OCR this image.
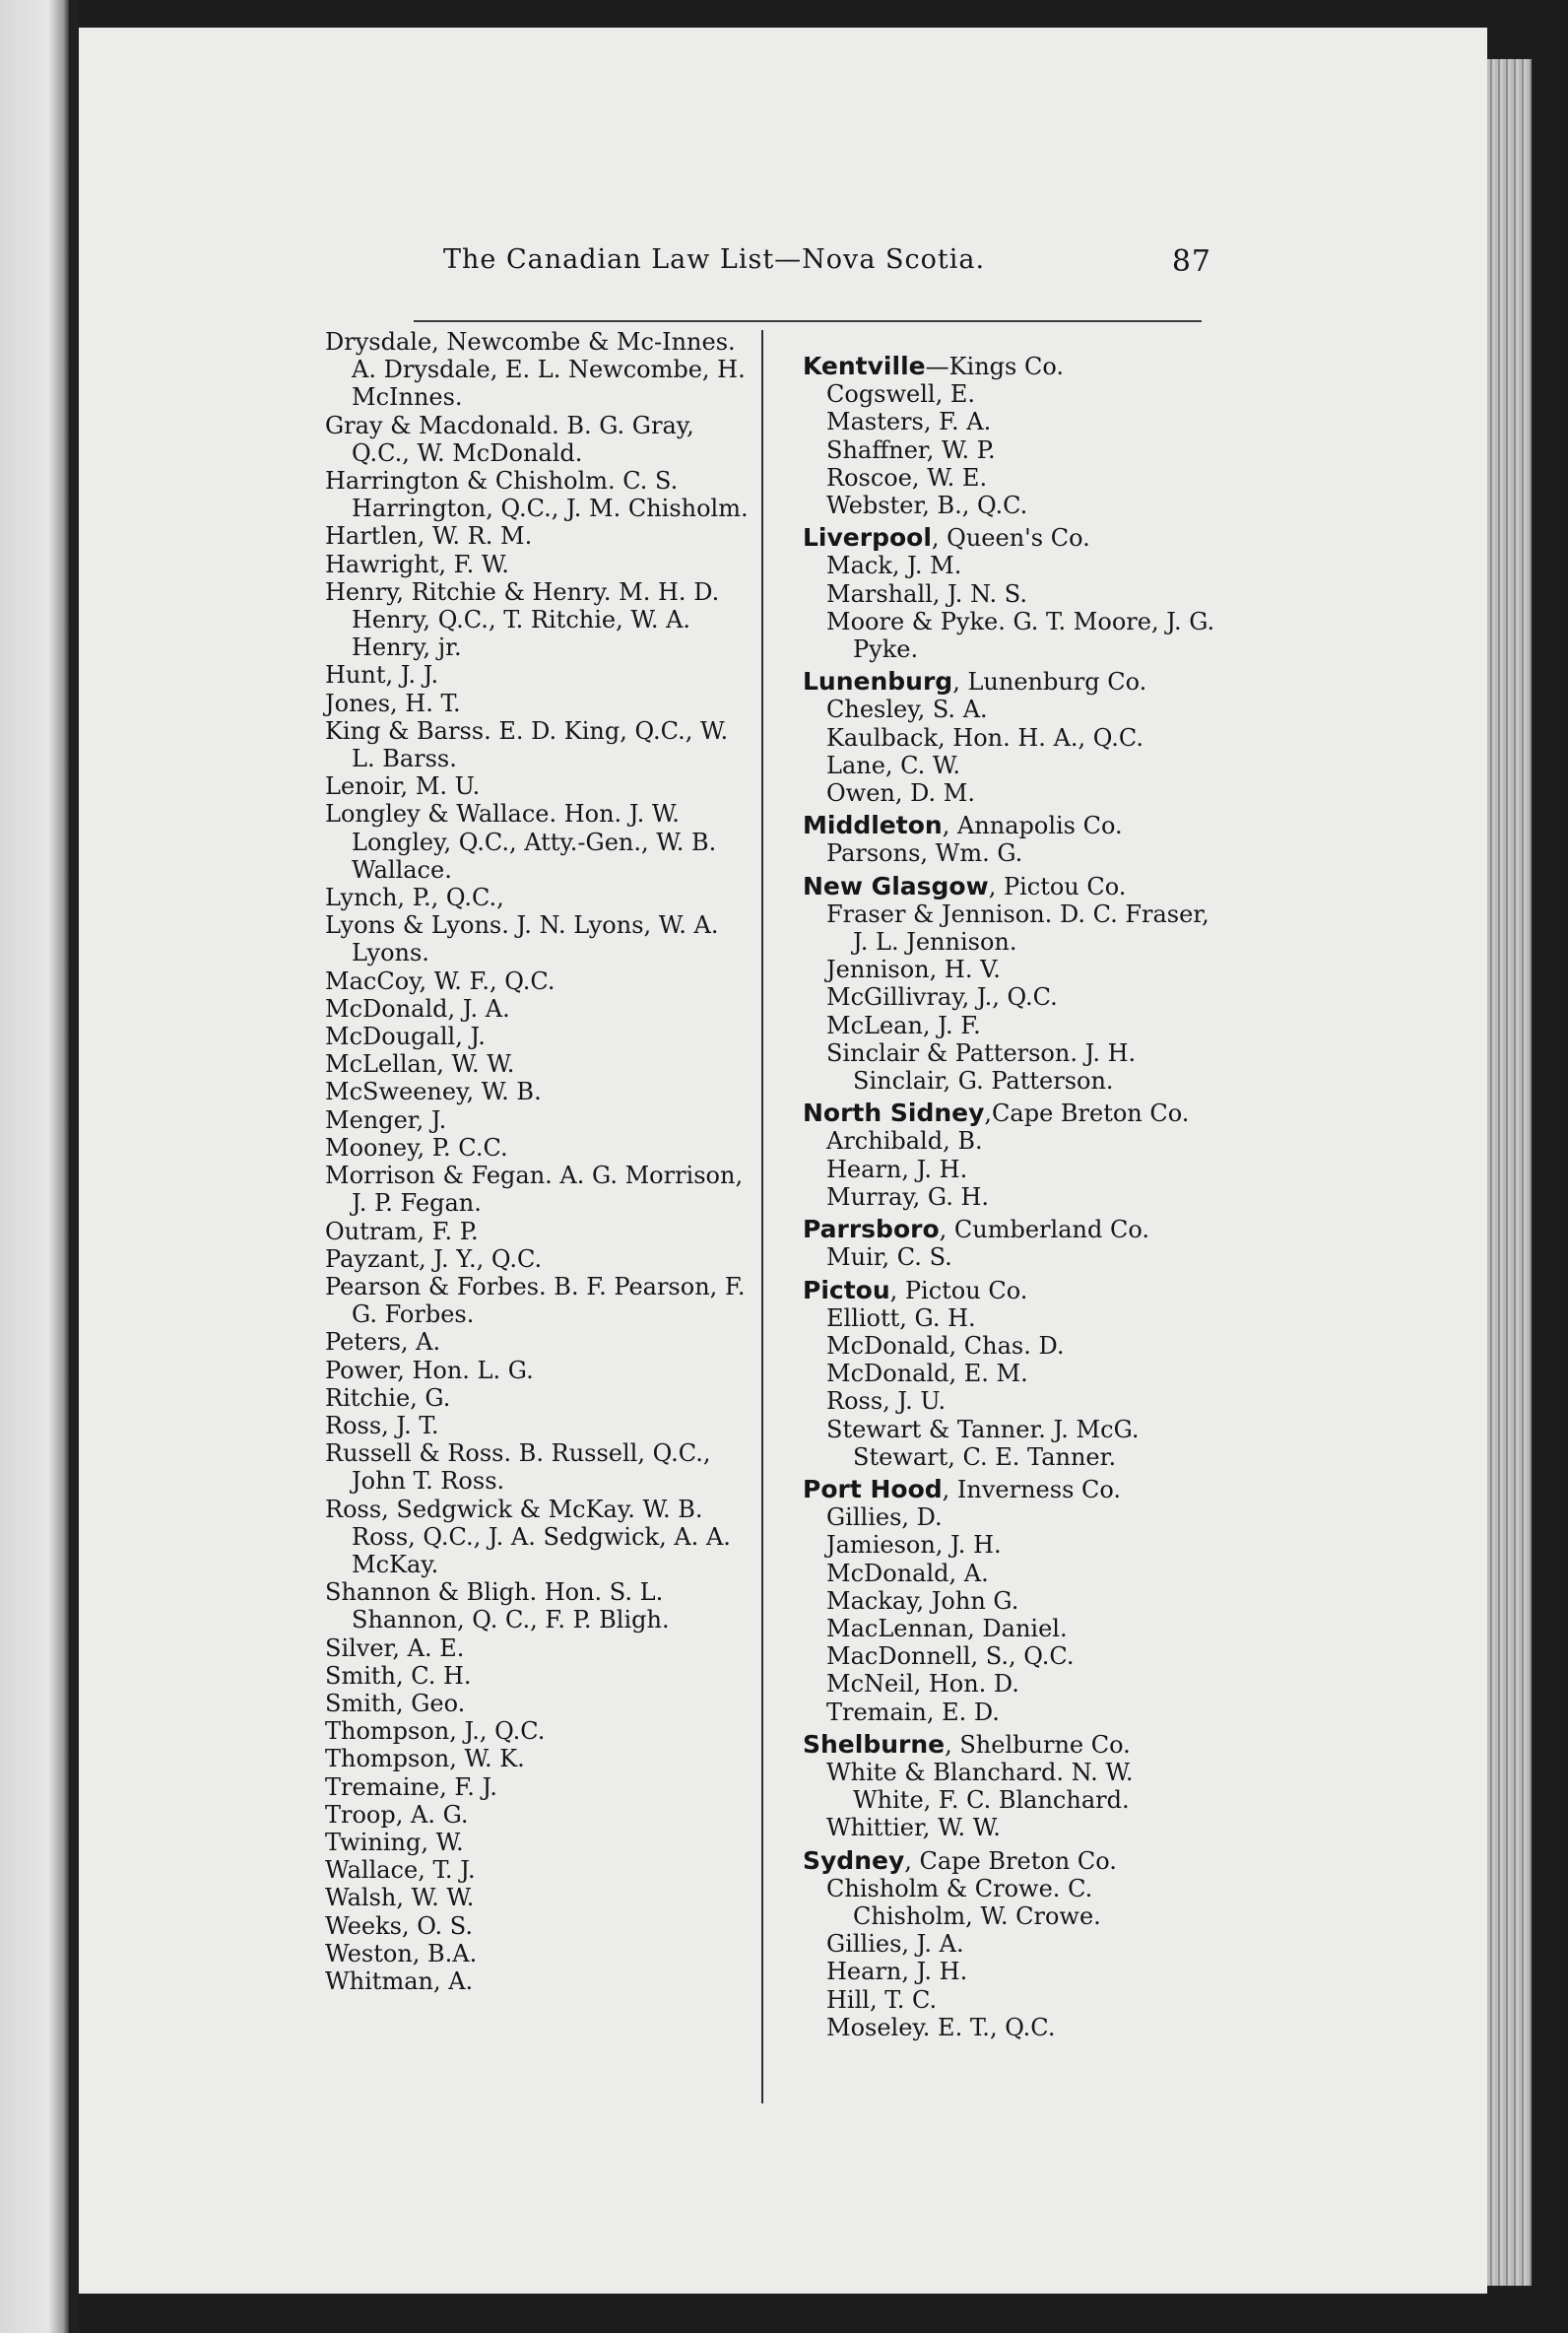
The Canadian Law List—Nova Scotia.	87
Drysdale, Newcombe & Mc-Innes. A. Drysdale, E. L. Newcombe, H. McInnes.
Gray & Macdonald. B. G. Gray, Q.C., W. McDonald.
Harrington & Chisholm. C. S. Harrington, Q.C., J. M. Chisholm.
Hartlen, W. R. M.
Hawright, F. W.
Henry, Ritchie & Henry. M. H. D. Henry, Q.C., T. Ritchie, W. A. Henry, jr.
Hunt, J. J.
Jones, H. T.
King & Barss. E. D. King, Q.C., W. L. Barss.
Lenoir, M. U.
Longley & Wallace. Hon. J. W. Longley, Q.C., Atty.-Gen., W. B. Wallace.
Lynch, P., Q.C.,
Lyons & Lyons. J. N. Lyons, W. A. Lyons.
MacCoy, W. F., Q.C.
McDonald, J. A.
McDougall, J.
McLellan, W. W.
McSweeney, W. B.
Menger, J.
Mooney, P. C.C.
Morrison & Fegan. A. G. Morrison, J. P. Fegan.
Outram, F. P.
Payzant, J. Y., Q.C.
Pearson & Forbes. B. F. Pearson, F. G. Forbes.
Peters, A.
Power, Hon. L. G.
Ritchie, G.
Ross, J. T.
Russell & Ross. B. Russell, Q.C., John T. Ross.
Ross, Sedgwick & McKay. W. B. Ross, Q.C., J. A. Sedgwick, A. A. McKay.
Shannon & Bligh. Hon. S. L. Shannon, Q. C., F. P. Bligh.
Silver, A. E.
Smith, C. H.
Smith, Geo.
Thompson, J., Q.C.
Thompson, W. K.
Tremaine, F. J.
Troop, A. G.
Twining, W.
Wallace, T. J.
Walsh, W. W.
Weeks, O. S.
Weston, B.A.
Whitman, A.
Kentville—Kings Co.
Cogswell, E.
Masters, F. A.
Shaffner, W. P.
Roscoe, W. E.
Webster, B., Q.C.
Liverpool, Queen's Co.
Mack, J. M.
Marshall, J. N. S.
Moore & Pyke. G. T. Moore, J. G. Pyke.
Lunenburg, Lunenburg Co.
Chesley, S. A.
Kaulback, Hon. H. A., Q.C.
Lane, C. W.
Owen, D. M.
Middleton, Annapolis Co.
Parsons, Wm. G.
New Glasgow, Pictou Co.
Fraser & Jennison. D. C. Fraser, J. L. Jennison.
Jennison, H. V.
McGillivray, J., Q.C.
McLean, J. F.
Sinclair & Patterson. J. H. Sinclair, G. Patterson.
North Sidney,Cape Breton Co.
Archibald, B.
Hearn, J. H.
Murray, G. H.
Parrsboro, Cumberland Co.
Muir, C. S.
Pictou, Pictou Co.
Elliott, G. H.
McDonald, Chas. D.
McDonald, E. M.
Ross, J. U.
Stewart & Tanner. J. McG. Stewart, C. E. Tanner.
Port Hood, Inverness Co.
Gillies, D.
Jamieson, J. H.
McDonald, A.
Mackay, John G.
MacLennan, Daniel.
MacDonnell, S., Q.C.
McNeil, Hon. D.
Tremain, E. D.
Shelburne, Shelburne Co.
White & Blanchard. N. W. White, F. C. Blanchard.
Whittier, W. W.
Sydney, Cape Breton Co.
Chisholm & Crowe. C. Chisholm, W. Crowe.
Gillies, J. A.
Hearn, J. H.
Hill, T. C.
Moseley. E. T., Q.C.
